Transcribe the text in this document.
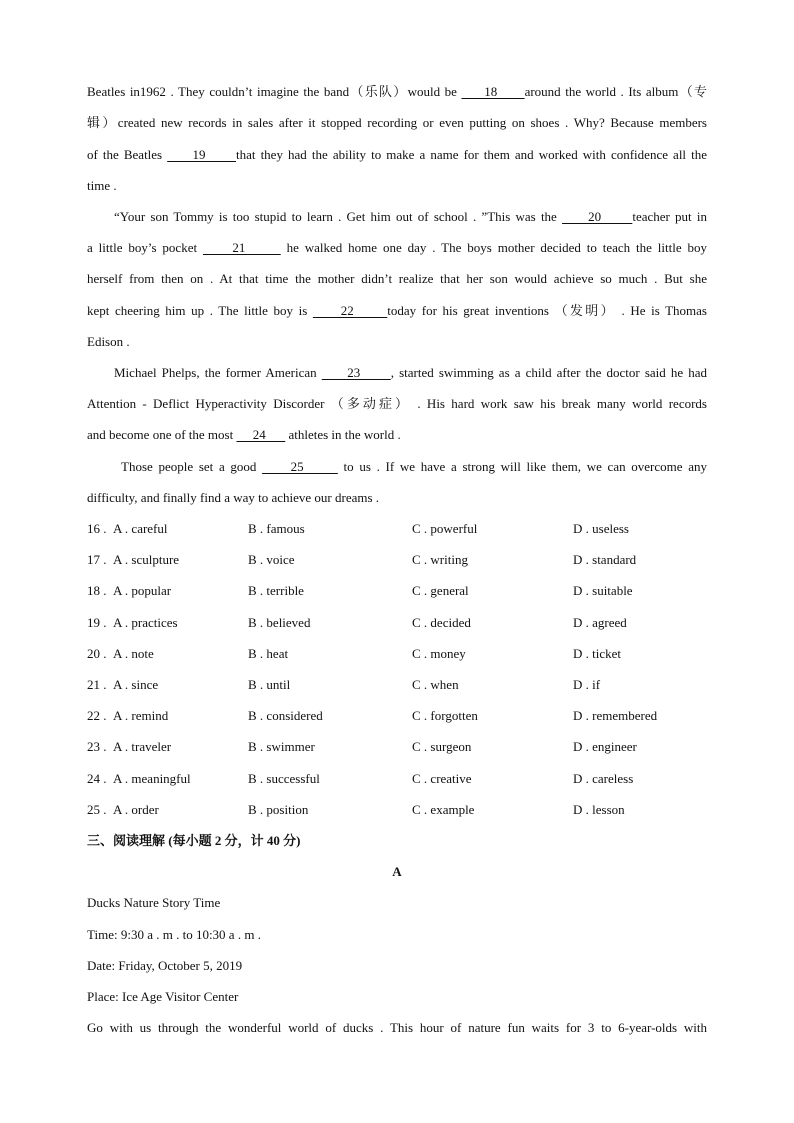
Beatles in1962 . They couldn’t imagine the band（乐队）would be      18      around the world . Its album（专
辑）created new records in sales after it stopped recording or even putting on shoes . Why? Because members
of the Beatles      19      that they had the ability to make a name for them and worked with confidence all the
time .
“Your son Tommy is too stupid to learn . Get him out of school . ”This was the      20      teacher put in
a little boy’s pocket      21       he walked home one day . The boys mother decided to teach the little boy
herself from then on . At that time the mother didn’t realize that her son would achieve so much . But she
kept cheering him up . The little boy is      22      today for his great inventions （发明） . He is Thomas
Edison .
Michael Phelps, the former American      23      , started swimming as a child after the doctor said he had
Attention - Deflict Hyperactivity Discorder （多动症） . His hard work saw his break many world records
and become one of the most      24       athletes in the world .
Those people set a good      25       to us . If we have a strong will like them, we can overcome any
difficulty, and finally find a way to achieve our dreams .
16 . A . careful	B . famous	C . powerful	D . useless
17 . A . sculpture	B . voice	C . writing	D . standard
18 . A . popular	B . terrible	C . general	D . suitable
19 . A . practices	B . believed	C . decided	D . agreed
20 . A . note	B . heat	C . money	D . ticket
21 . A . since	B . until	C . when	D . if
22 . A . remind	B . considered	C . forgotten	D . remembered
23 . A . traveler	B . swimmer	C . surgeon	D . engineer
24 . A . meaningful	B . successful	C . creative	D . careless
25 . A . order	B . position	C . example	D . lesson
三、阅读理解 (每小题 2 分，计 40 分)
A
Ducks Nature Story Time
Time: 9:30 a . m . to 10:30 a . m .
Date: Friday, October 5, 2019
Place: Ice Age Visitor Center
Go with us through the wonderful world of ducks . This hour of nature fun waits for 3 to 6-year-olds with
